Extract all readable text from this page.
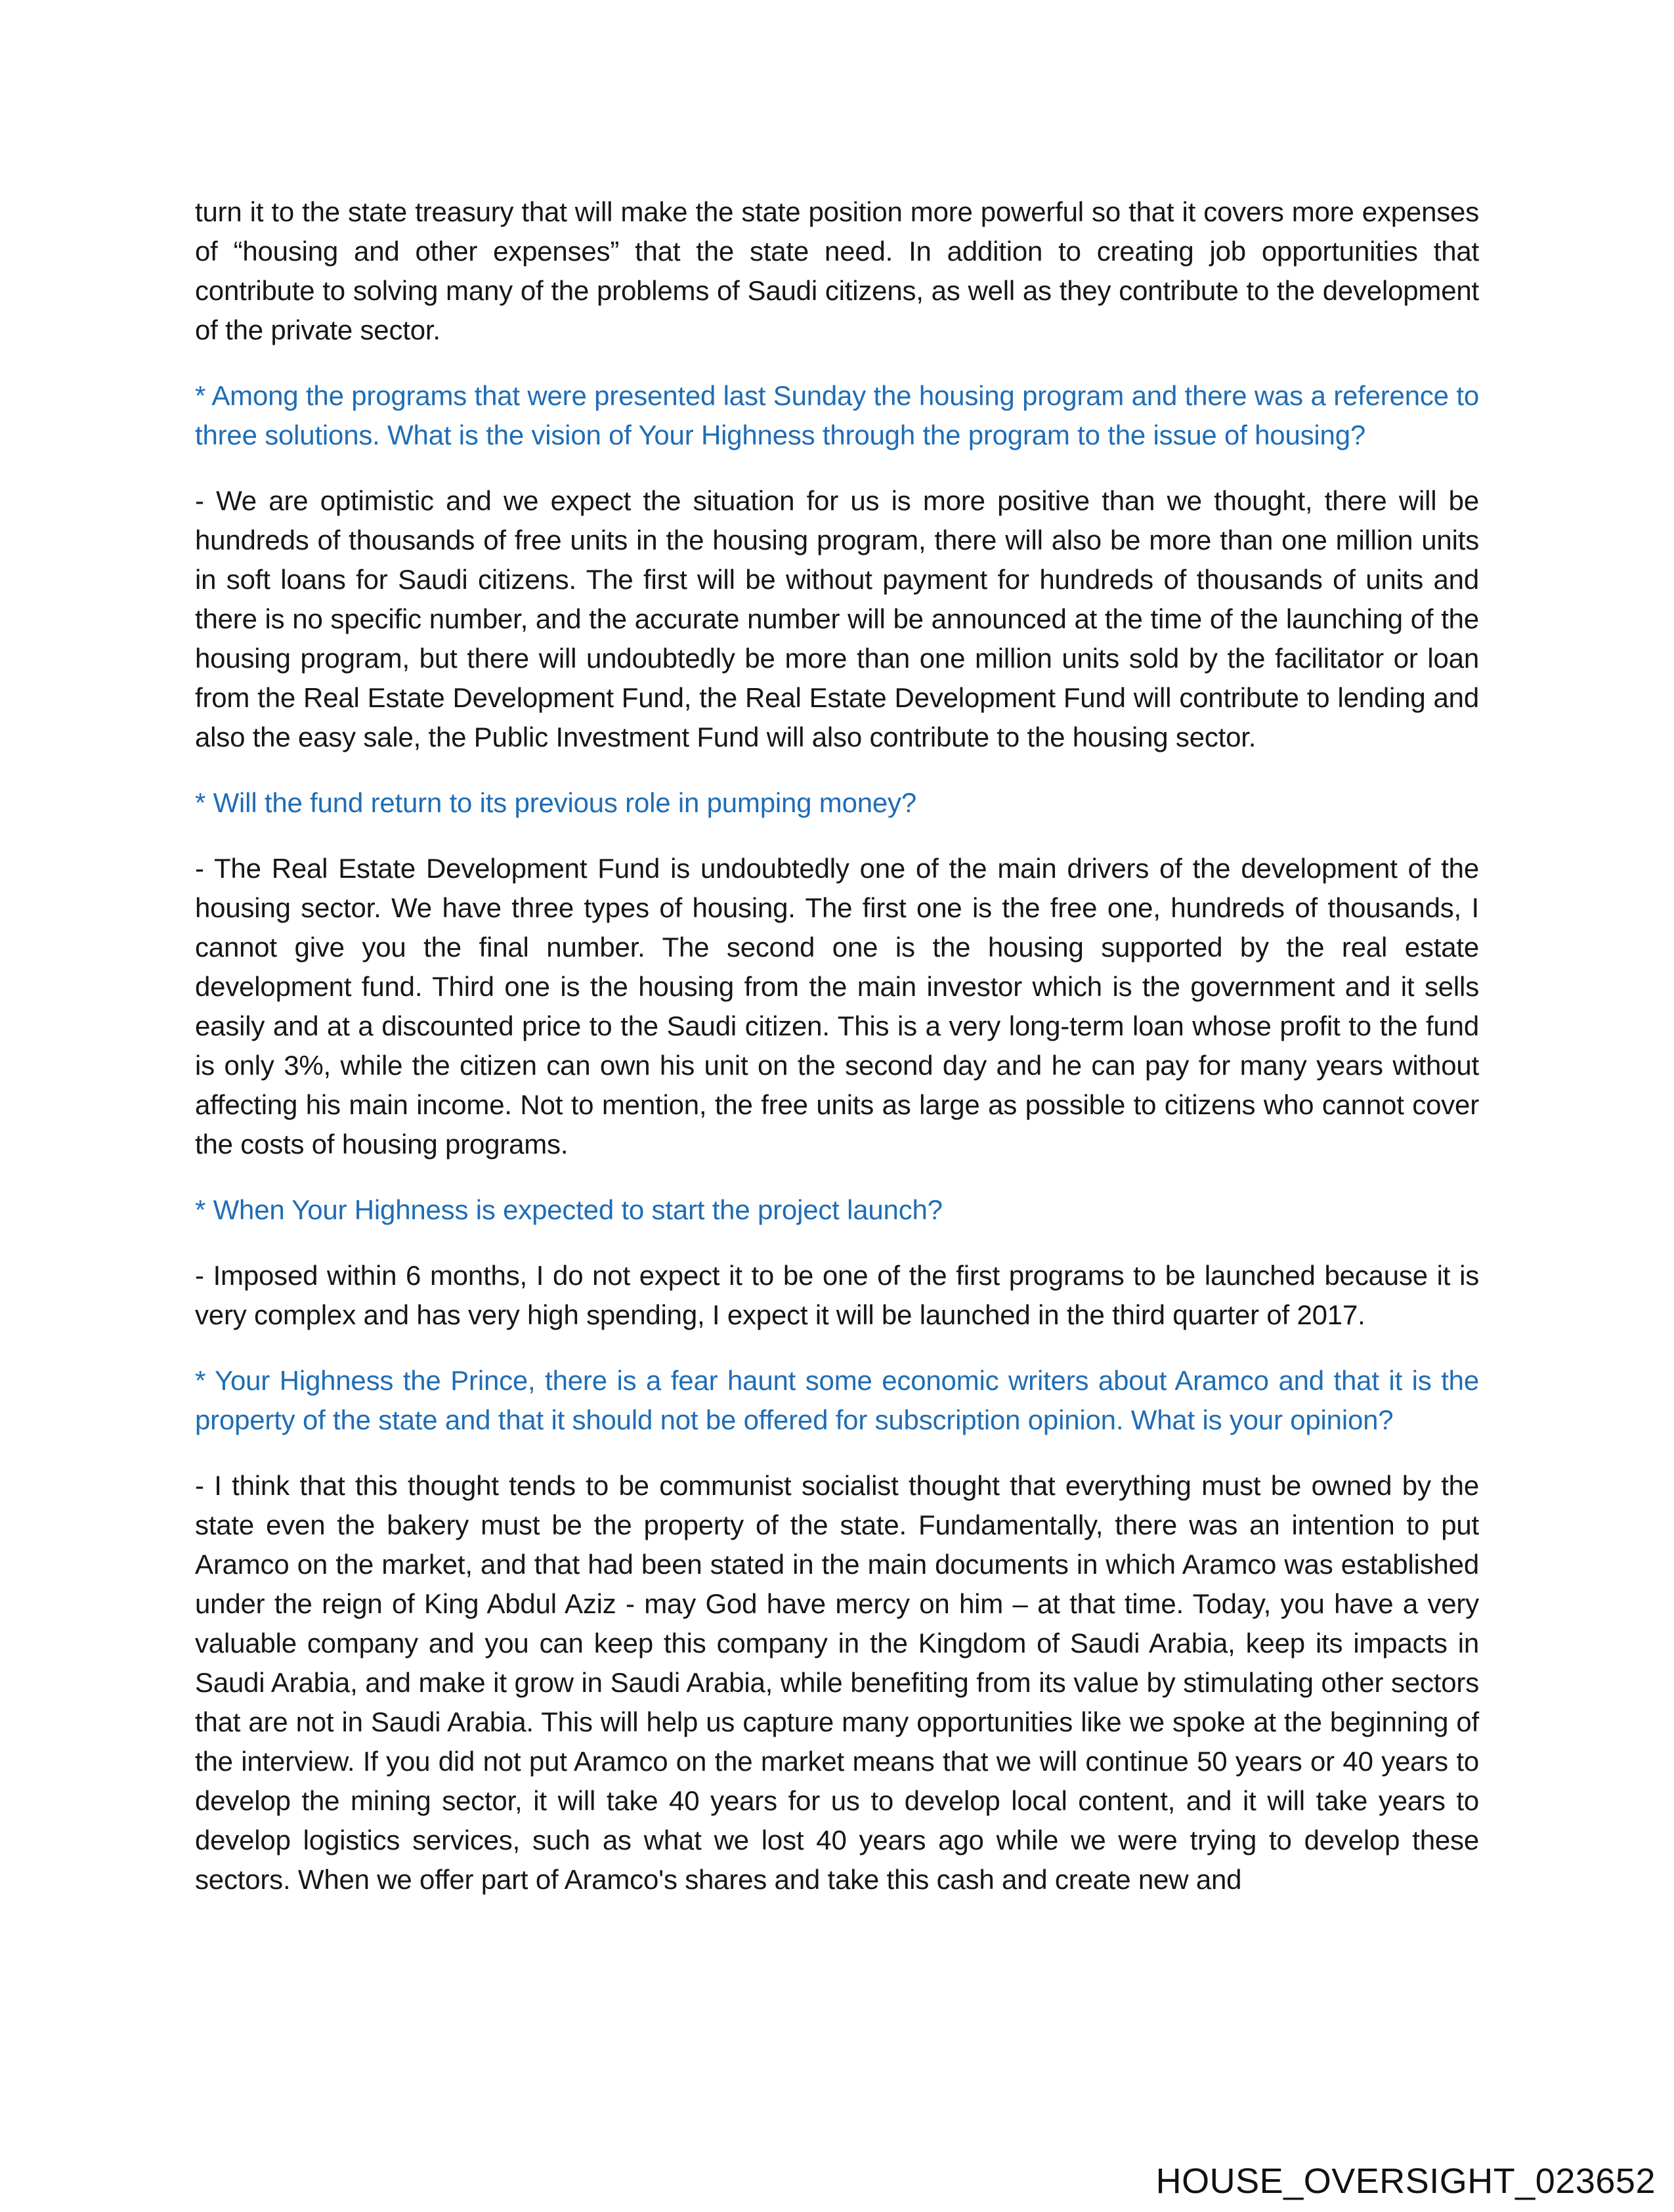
turn it to the state treasury that will make the state position more powerful so that it covers more expenses of “housing and other expenses” that the state need. In addition to creating job opportunities that contribute to solving many of the problems of Saudi citizens, as well as they contribute to the development of the private sector.

* Among the programs that were presented last Sunday the housing program and there was a reference to three solutions. What is the vision of Your Highness through the program to the issue of housing?

- We are optimistic and we expect the situation for us is more positive than we thought, there will be hundreds of thousands of free units in the housing program, there will also be more than one million units in soft loans for Saudi citizens. The first will be without payment for hundreds of thousands of units and there is no specific number, and the accurate number will be announced at the time of the launching of the housing program, but there will undoubtedly be more than one million units sold by the facilitator or loan from the Real Estate Development Fund, the Real Estate Development Fund will contribute to lending and also the easy sale, the Public Investment Fund will also contribute to the housing sector.

* Will the fund return to its previous role in pumping money?

- The Real Estate Development Fund is undoubtedly one of the main drivers of the development of the housing sector. We have three types of housing. The first one is the free one, hundreds of thousands, I cannot give you the final number. The second one is the housing supported by the real estate development fund. Third one is the housing from the main investor which is the government and it sells easily and at a discounted price to the Saudi citizen. This is a very long-term loan whose profit to the fund is only 3%, while the citizen can own his unit on the second day and he can pay for many years without affecting his main income. Not to mention, the free units as large as possible to citizens who cannot cover the costs of housing programs.

* When Your Highness is expected to start the project launch?

- Imposed within 6 months, I do not expect it to be one of the first programs to be launched because it is very complex and has very high spending, I expect it will be launched in the third quarter of 2017.

* Your Highness the Prince, there is a fear haunt some economic writers about Aramco and that it is the property of the state and that it should not be offered for subscription opinion. What is your opinion?

- I think that this thought tends to be communist socialist thought that everything must be owned by the state even the bakery must be the property of the state. Fundamentally, there was an intention to put Aramco on the market, and that had been stated in the main documents in which Aramco was established under the reign of King Abdul Aziz - may God have mercy on him – at that time. Today, you have a very valuable company and you can keep this company in the Kingdom of Saudi Arabia, keep its impacts in Saudi Arabia, and make it grow in Saudi Arabia, while benefiting from its value by stimulating other sectors that are not in Saudi Arabia. This will help us capture many opportunities like we spoke at the beginning of the interview. If you did not put Aramco on the market means that we will continue 50 years or 40 years to develop the mining sector, it will take 40 years for us to develop local content, and it will take years to develop logistics services, such as what we lost 40 years ago while we were trying to develop these sectors. When we offer part of Aramco's shares and take this cash and create new and

HOUSE_OVERSIGHT_023652
